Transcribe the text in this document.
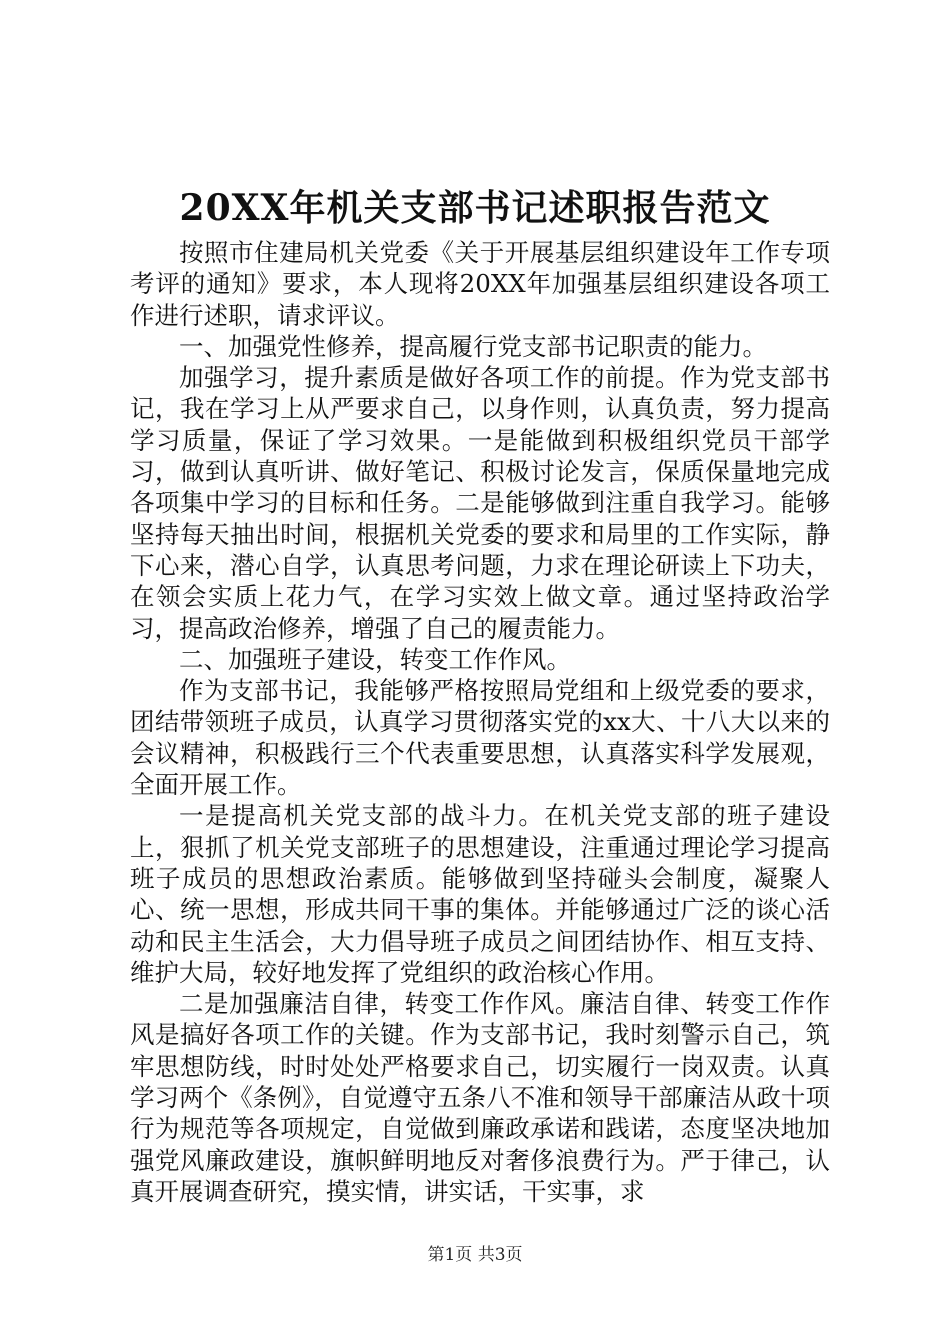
20XX年机关支部书记述职报告范文

按照市住建局机关党委《关于开展基层组织建设年工作专项考评的通知》要求，本人现将20XX年加强基层组织建设各项工作进行述职，请求评议。

一、加强党性修养，提高履行党支部书记职责的能力。

加强学习，提升素质是做好各项工作的前提。作为党支部书记，我在学习上从严要求自己，以身作则，认真负责，努力提高学习质量，保证了学习效果。一是能做到积极组织党员干部学习，做到认真听讲、做好笔记、积极讨论发言，保质保量地完成各项集中学习的目标和任务。二是能够做到注重自我学习。能够坚持每天抽出时间，根据机关党委的要求和局里的工作实际，静下心来，潜心自学，认真思考问题，力求在理论研读上下功夫，在领会实质上花力气，在学习实效上做文章。通过坚持政治学习，提高政治修养，增强了自己的履责能力。

二、加强班子建设，转变工作作风。

作为支部书记，我能够严格按照局党组和上级党委的要求，团结带领班子成员，认真学习贯彻落实党的xx大、十八大以来的会议精神，积极践行三个代表重要思想，认真落实科学发展观，全面开展工作。

一是提高机关党支部的战斗力。在机关党支部的班子建设上，狠抓了机关党支部班子的思想建设，注重通过理论学习提高班子成员的思想政治素质。能够做到坚持碰头会制度，凝聚人心、统一思想，形成共同干事的集体。并能够通过广泛的谈心活动和民主生活会，大力倡导班子成员之间团结协作、相互支持、维护大局，较好地发挥了党组织的政治核心作用。

二是加强廉洁自律，转变工作作风。廉洁自律、转变工作作风是搞好各项工作的关键。作为支部书记，我时刻警示自己，筑牢思想防线，时时处处严格要求自己，切实履行一岗双责。认真学习两个《条例》，自觉遵守五条八不准和领导干部廉洁从政十项行为规范等各项规定，自觉做到廉政承诺和践诺，态度坚决地加强党风廉政建设，旗帜鲜明地反对奢侈浪费行为。严于律己，认真开展调查研究，摸实情，讲实话，干实事，求

第1页 共3页
